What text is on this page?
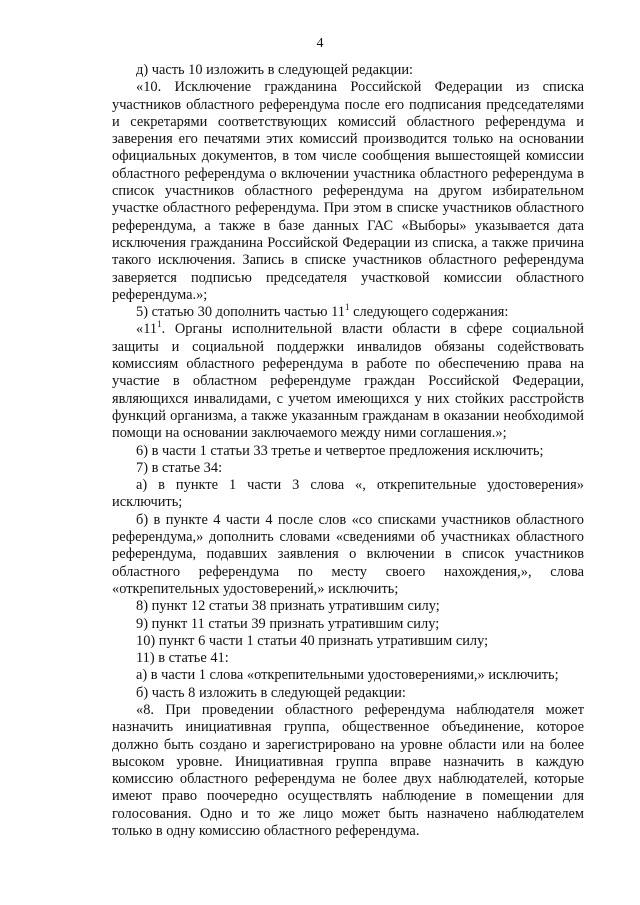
4

д) часть 10 изложить в следующей редакции:

«10. Исключение гражданина Российской Федерации из списка участников областного референдума после его подписания председателями и секретарями соответствующих комиссий областного референдума и заверения его печатями этих комиссий производится только на основании официальных документов, в том числе сообщения вышестоящей комиссии областного референдума о включении участника областного референдума в список участников областного референдума на другом избирательном участке областного референдума. При этом в списке участников областного референдума, а также в базе данных ГАС «Выборы» указывается дата исключения гражданина Российской Федерации из списка, а также причина такого исключения. Запись в списке участников областного референдума заверяется подписью председателя участковой комиссии областного референдума.»;

5) статью 30 дополнить частью $11^1$ следующего содержания:

«$11^1$. Органы исполнительной власти области в сфере социальной защиты и социальной поддержки инвалидов обязаны содействовать комиссиям областного референдума в работе по обеспечению права на участие в областном референдуме граждан Российской Федерации, являющихся инвалидами, с учетом имеющихся у них стойких расстройств функций организма, а также указанным гражданам в оказании необходимой помощи на основании заключаемого между ними соглашения.»;

6) в части 1 статьи 33 третье и четвертое предложения исключить;

7) в статье 34:

а) в пункте 1 части 3 слова «, открепительные удостоверения» исключить;

б) в пункте 4 части 4 после слов «со списками участников областного референдума,» дополнить словами «сведениями об участниках областного референдума, подавших заявления о включении в список участников областного референдума по месту своего нахождения,», слова «открепительных удостоверений,» исключить;

8) пункт 12 статьи 38 признать утратившим силу;

9) пункт 11 статьи 39 признать утратившим силу;

10) пункт 6 части 1 статьи 40 признать утратившим силу;

11) в статье 41:

а) в части 1 слова «открепительными удостоверениями,» исключить;

б) часть 8 изложить в следующей редакции:

«8. При проведении областного референдума наблюдателя может назначить инициативная группа, общественное объединение, которое должно быть создано и зарегистрировано на уровне области или на более высоком уровне. Инициативная группа вправе назначить в каждую комиссию областного референдума не более двух наблюдателей, которые имеют право поочередно осуществлять наблюдение в помещении для голосования. Одно и то же лицо может быть назначено наблюдателем только в одну комиссию областного референдума.
